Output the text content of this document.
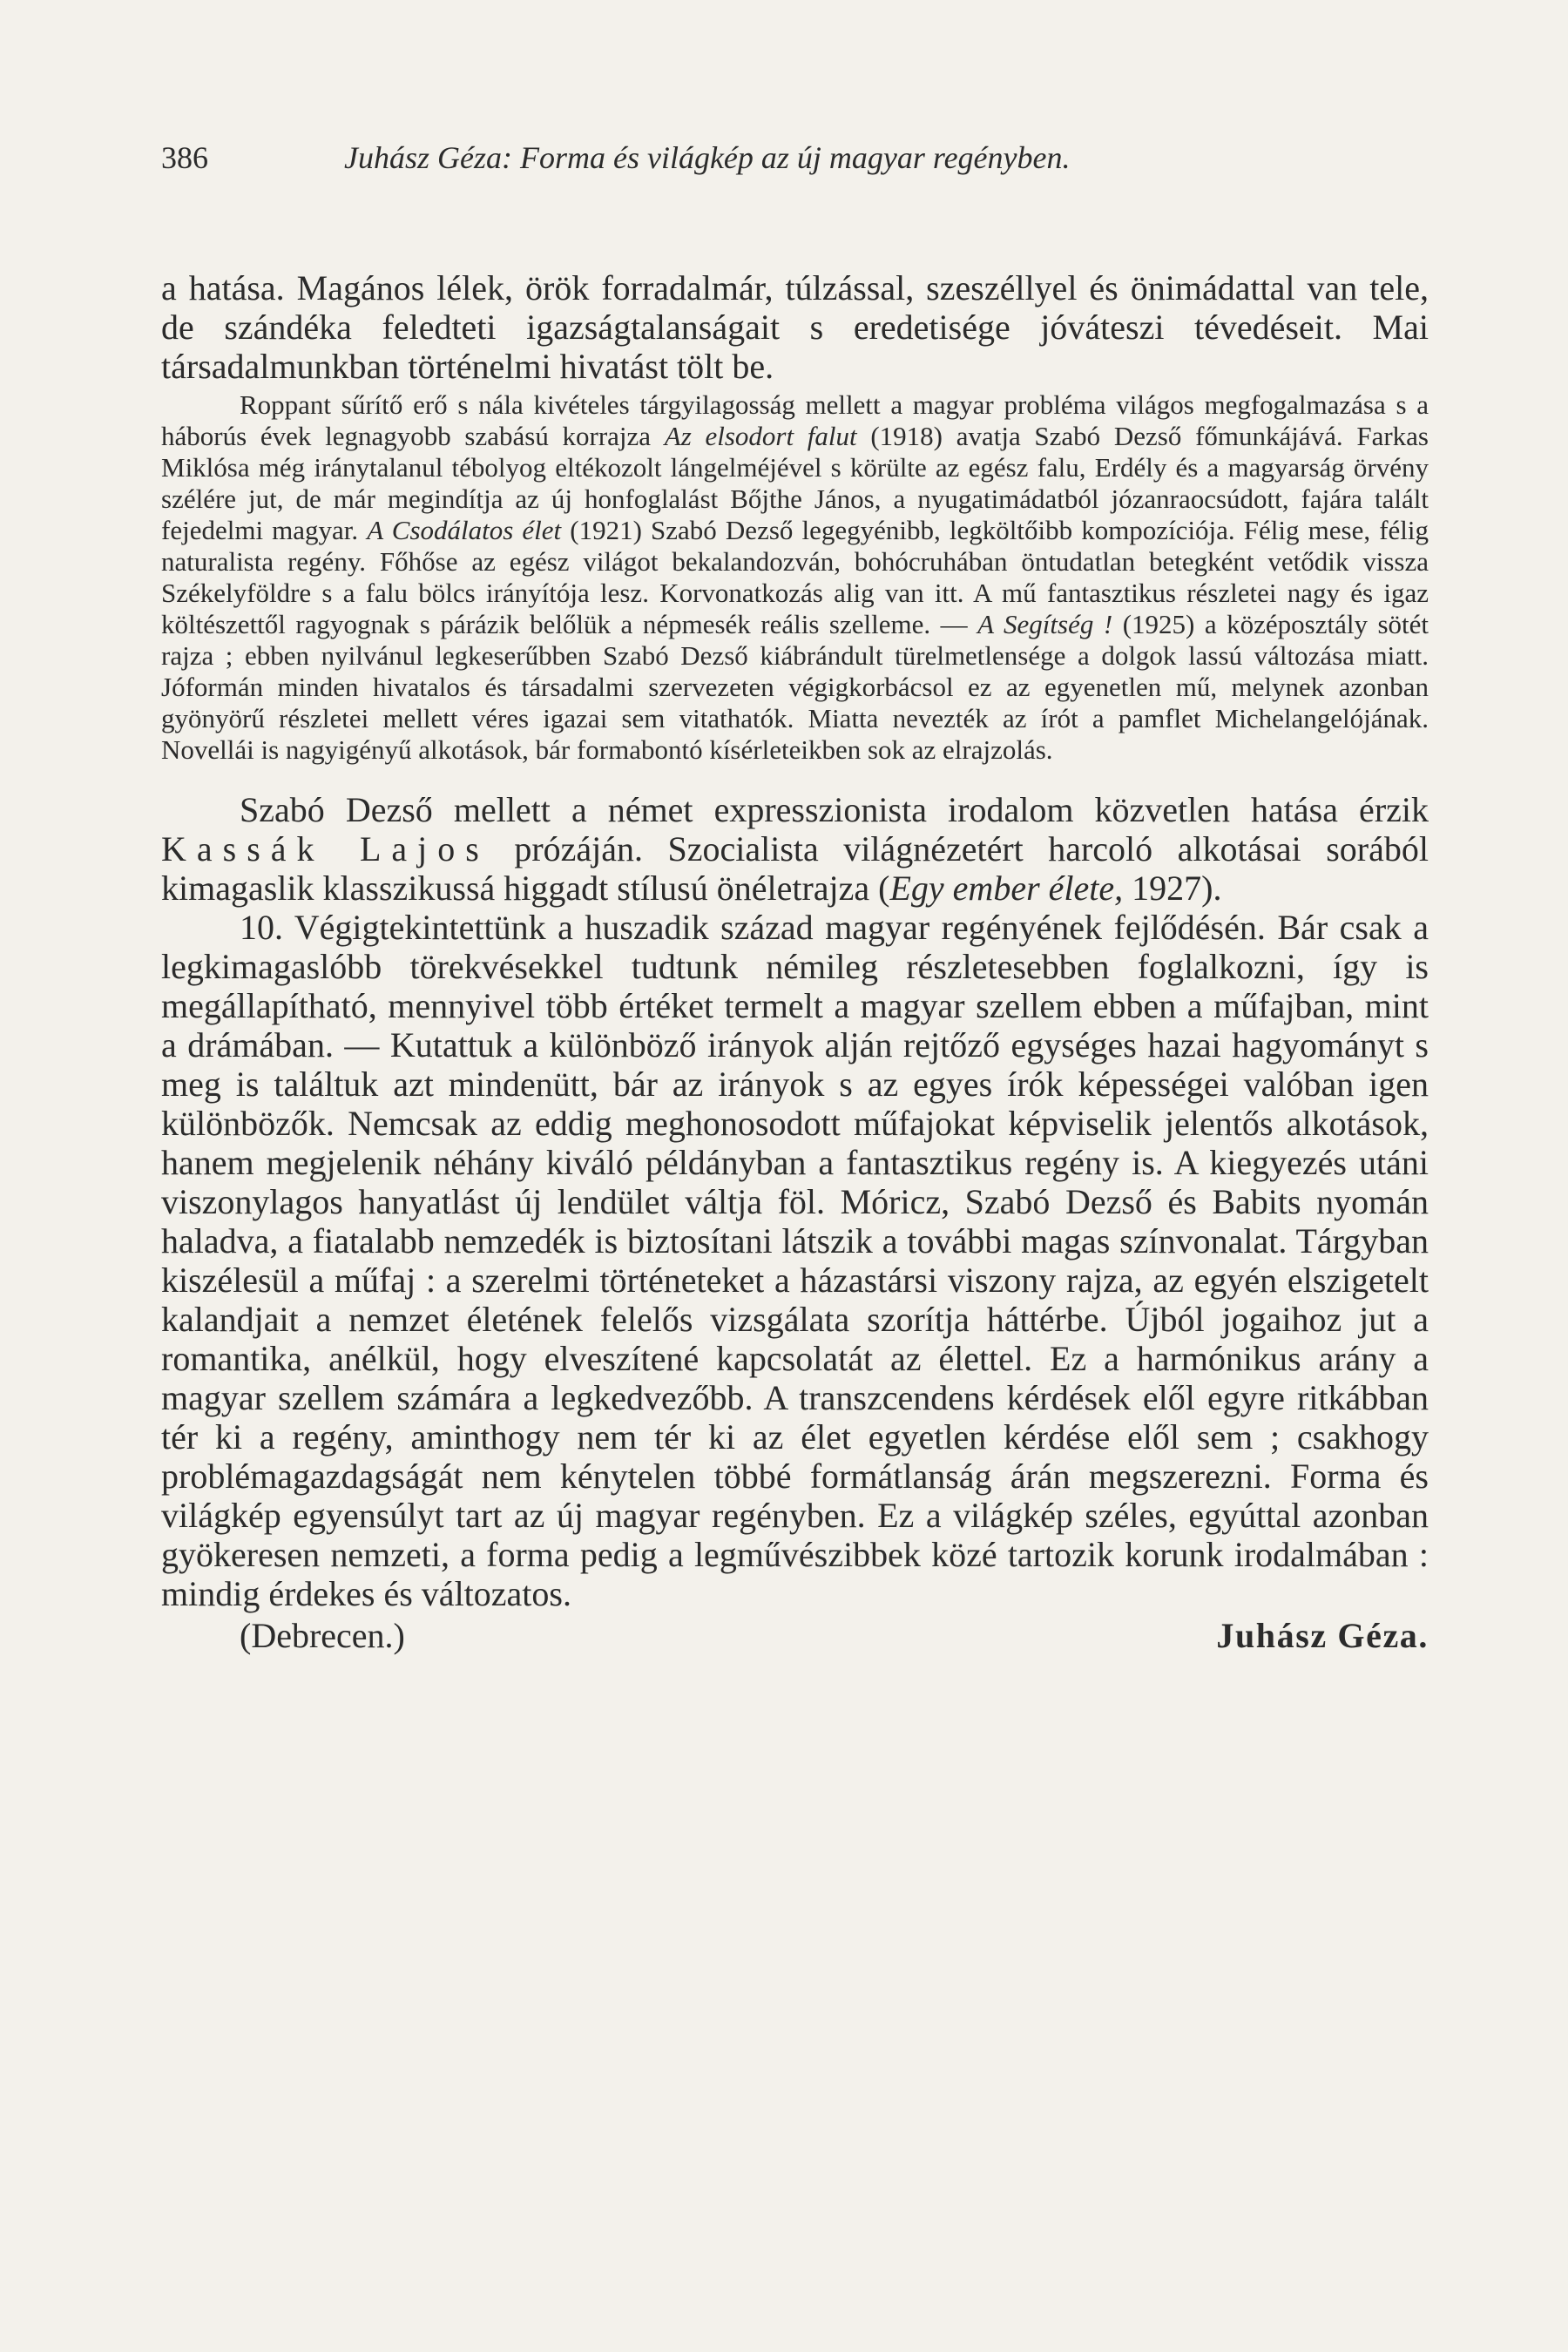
386	Juhász Géza: Forma és világkép az új magyar regényben.

a hatása. Magános lélek, örök forradalmár, túlzással, szeszéllyel és önimádattal van tele, de szándéka feledteti igazságtalanságait s eredetisége jóváteszi tévedéseit. Mai társadalmunkban történelmi hivatást tölt be.

Roppant sűrítő erő s nála kivételes tárgyilagosság mellett a magyar probléma világos megfogalmazása s a háborús évek legnagyobb szabású korrajza Az elsodort falut (1918) avatja Szabó Dezső főmunkájává. Farkas Miklósa még iránytalanul tébolyog eltékozolt lángelméjével s körülte az egész falu, Erdély és a magyarság örvény szélére jut, de már megindítja az új honfoglalást Bőjthe János, a nyugatimádatból józanraocsúdott, fajára talált fejedelmi magyar. A Csodálatos élet (1921) Szabó Dezső legegyénibb, legköltőibb kompozíciója. Félig mese, félig naturalista regény. Főhőse az egész világot bekalandozván, bohócruhában öntudatlan betegként vetődik vissza Székelyföldre s a falu bölcs irányítója lesz. Korvonatkozás alig van itt. A mű fantasztikus részletei nagy és igaz költészettől ragyognak s párázik belőlük a népmesék reális szelleme. — A Segítség ! (1925) a középosztály sötét rajza ; ebben nyilvánul legkeserűbben Szabó Dezső kiábrándult türelmetlensége a dolgok lassú változása miatt. Jóformán minden hivatalos és társadalmi szervezeten végigkorbácsol ez az egyenetlen mű, melynek azonban gyönyörű részletei mellett véres igazai sem vitathatók. Miatta nevezték az írót a pamflet Michelangelójának. Novellái is nagyigényű alkotások, bár formabontó kísérleteikben sok az elrajzolás.

Szabó Dezső mellett a német expresszionista irodalom közvetlen hatása érzik Kassák Lajos prózáján. Szocialista világnézetért harcoló alkotásai sorából kimagaslik klasszikussá higgadt stílusú önéletrajza (Egy ember élete, 1927).

10. Végigtekintettünk a huszadik század magyar regényének fejlődésén. Bár csak a legkimagaslóbb törekvésekkel tudtunk némileg részletesebben foglalkozni, így is megállapítható, mennyivel több értéket termelt a magyar szellem ebben a műfajban, mint a drámában. — Kutattuk a különböző irányok alján rejtőző egységes hazai hagyományt s meg is találtuk azt mindenütt, bár az irányok s az egyes írók képességei valóban igen különbözők. Nemcsak az eddig meghonosodott műfajokat képviselik jelentős alkotások, hanem megjelenik néhány kiváló példányban a fantasztikus regény is. A kiegyezés utáni viszonylagos hanyatlást új lendület váltja föl. Móricz, Szabó Dezső és Babits nyomán haladva, a fiatalabb nemzedék is biztosítani látszik a további magas színvonalat. Tárgyban kiszélesül a műfaj : a szerelmi történeteket a házastársi viszony rajza, az egyén elszigetelt kalandjait a nemzet életének felelős vizsgálata szorítja háttérbe. Újból jogaihoz jut a romantika, anélkül, hogy elveszítené kapcsolatát az élettel. Ez a harmónikus arány a magyar szellem számára a legkedvezőbb. A transzcendens kérdések elől egyre ritkábban tér ki a regény, aminthogy nem tér ki az élet egyetlen kérdése elől sem ; csakhogy problémagazdagságát nem kénytelen többé formátlanság árán megszerezni. Forma és világkép egyensúlyt tart az új magyar regényben. Ez a világkép széles, egyúttal azonban gyökeresen nemzeti, a forma pedig a legművészibbek közé tartozik korunk irodalmában : mindig érdekes és változatos.

(Debrecen.)	Juhász Géza.
